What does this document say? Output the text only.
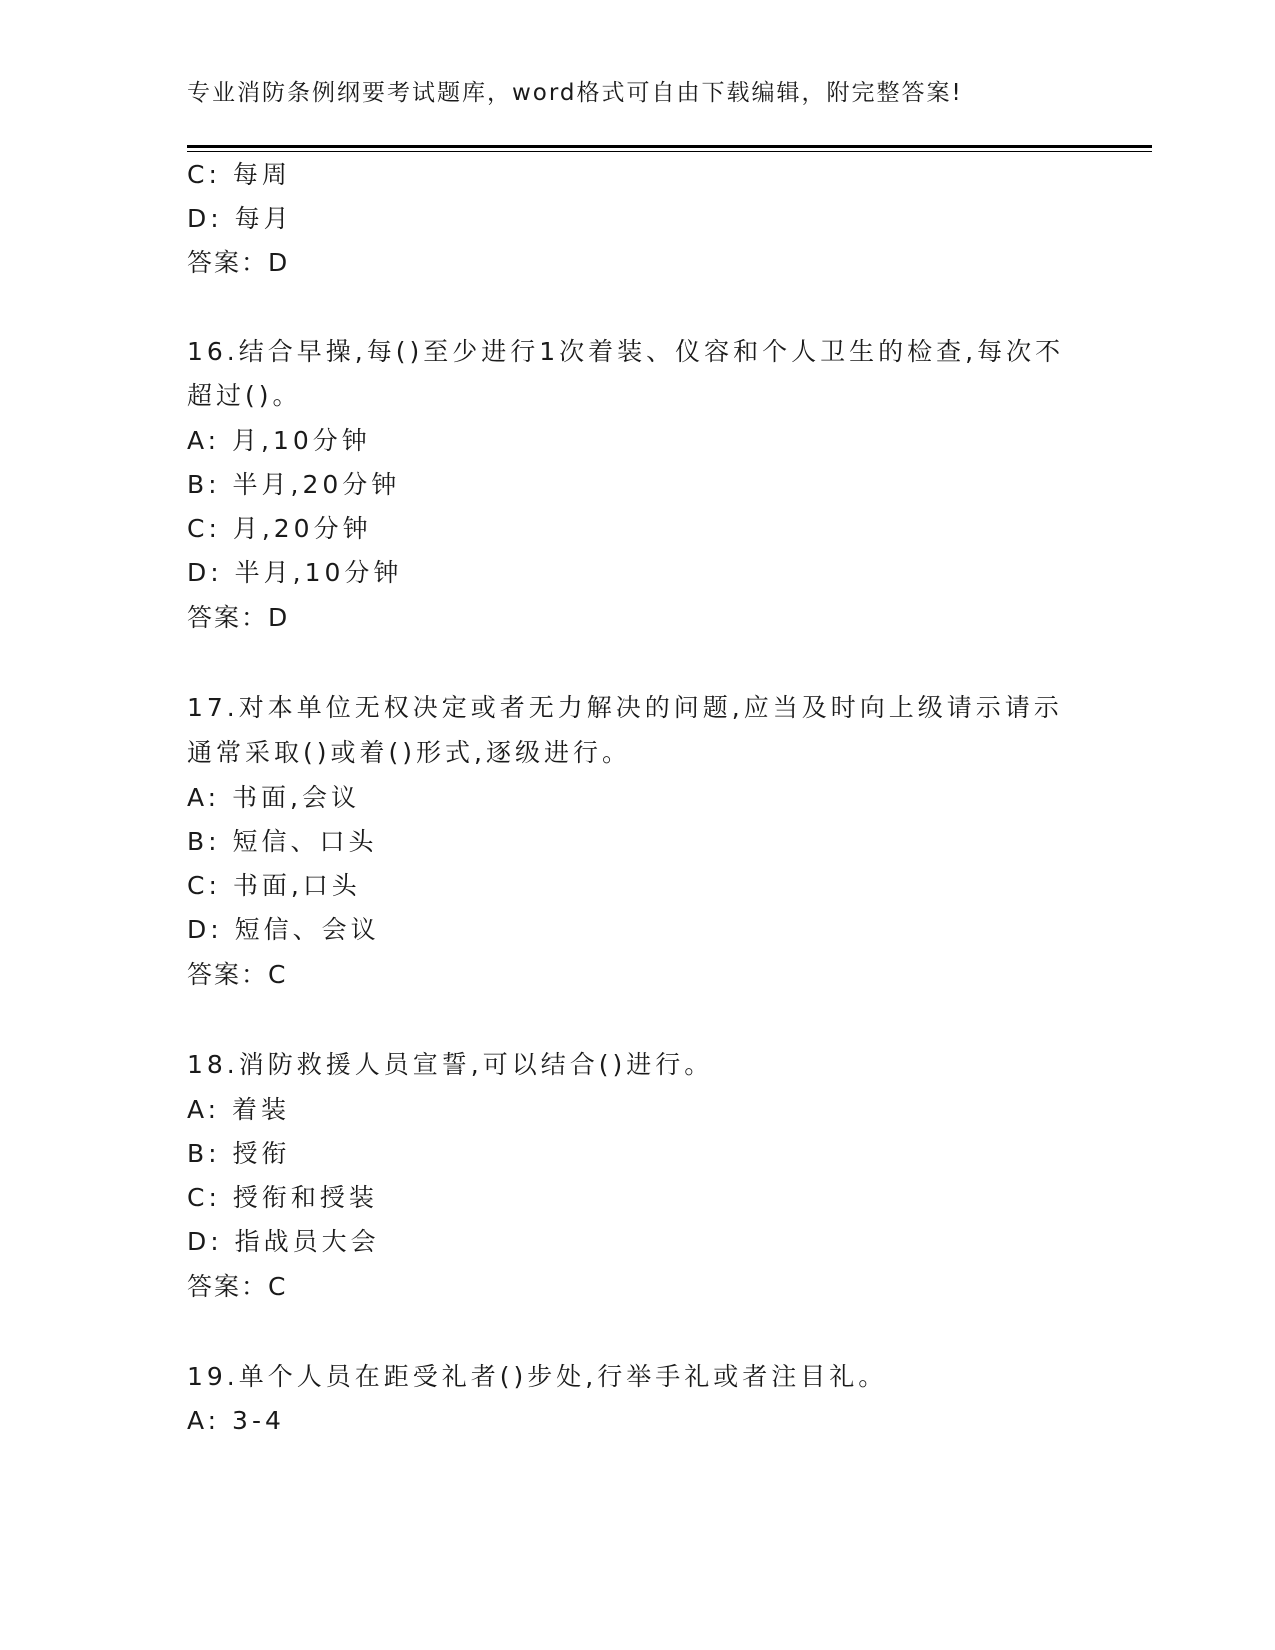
专业消防条例纲要考试题库，word格式可自由下载编辑，附完整答案!
C: 每周
D: 每月
答案：D
16.结合早操,每()至少进行1次着装、仪容和个人卫生的检查,每次不
超过()。
A: 月,10分钟
B: 半月,20分钟
C: 月,20分钟
D: 半月,10分钟
答案：D
17.对本单位无权决定或者无力解决的问题,应当及时向上级请示请示
通常采取()或着()形式,逐级进行。
A: 书面,会议
B: 短信、口头
C: 书面,口头
D: 短信、会议
答案：C
18.消防救援人员宣誓,可以结合()进行。
A: 着装
B: 授衔
C: 授衔和授装
D: 指战员大会
答案：C
19.单个人员在距受礼者()步处,行举手礼或者注目礼。
A: 3-4
